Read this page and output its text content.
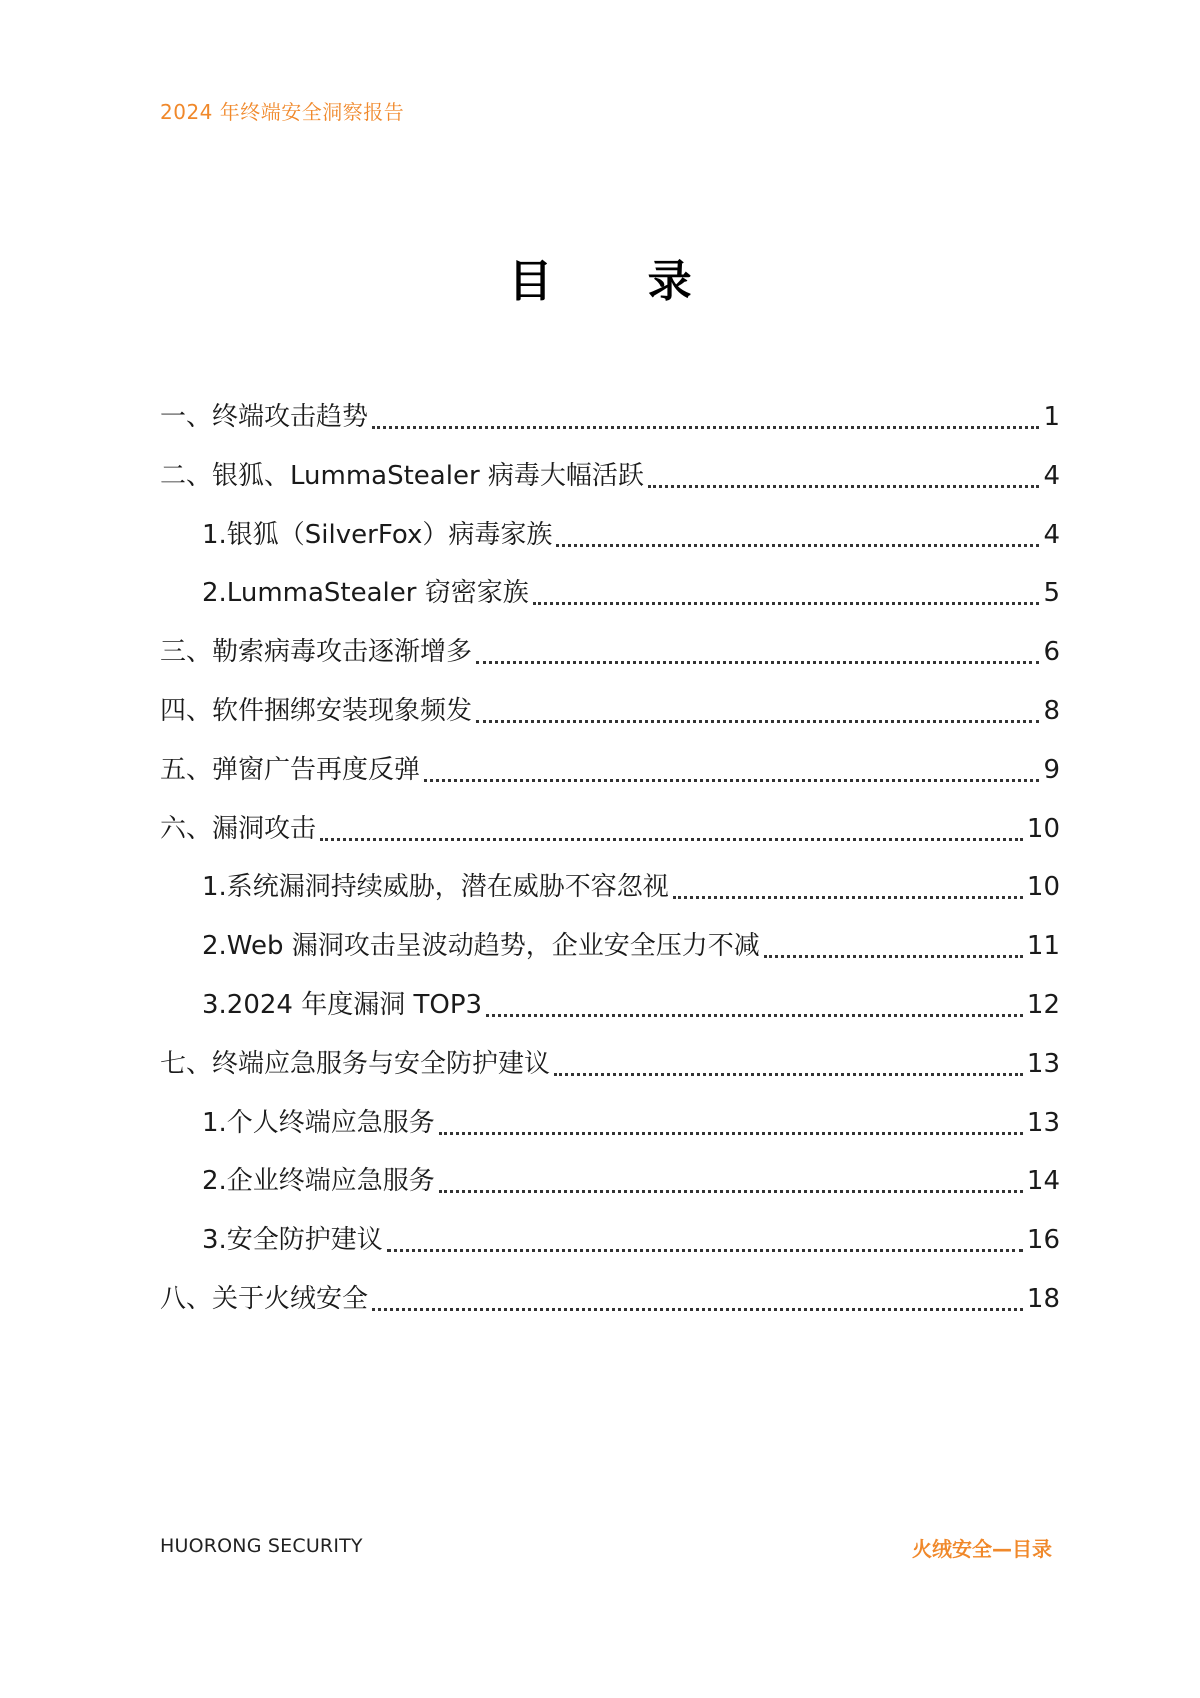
2024 年终端安全洞察报告
目 录
一、终端攻击趋势	1
二、银狐、LummaStealer 病毒大幅活跃	4
1.银狐（SilverFox）病毒家族	4
2.LummaStealer 窃密家族	5
三、勒索病毒攻击逐渐增多	6
四、软件捆绑安装现象频发	8
五、弹窗广告再度反弹	9
六、漏洞攻击	10
1.系统漏洞持续威胁，潜在威胁不容忽视	10
2.Web 漏洞攻击呈波动趋势，企业安全压力不减	11
3.2024 年度漏洞 TOP3	12
七、终端应急服务与安全防护建议	13
1.个人终端应急服务	13
2.企业终端应急服务	14
3.安全防护建议	16
八、关于火绒安全	18
HUORONG SECURITY	火绒安全—目录
